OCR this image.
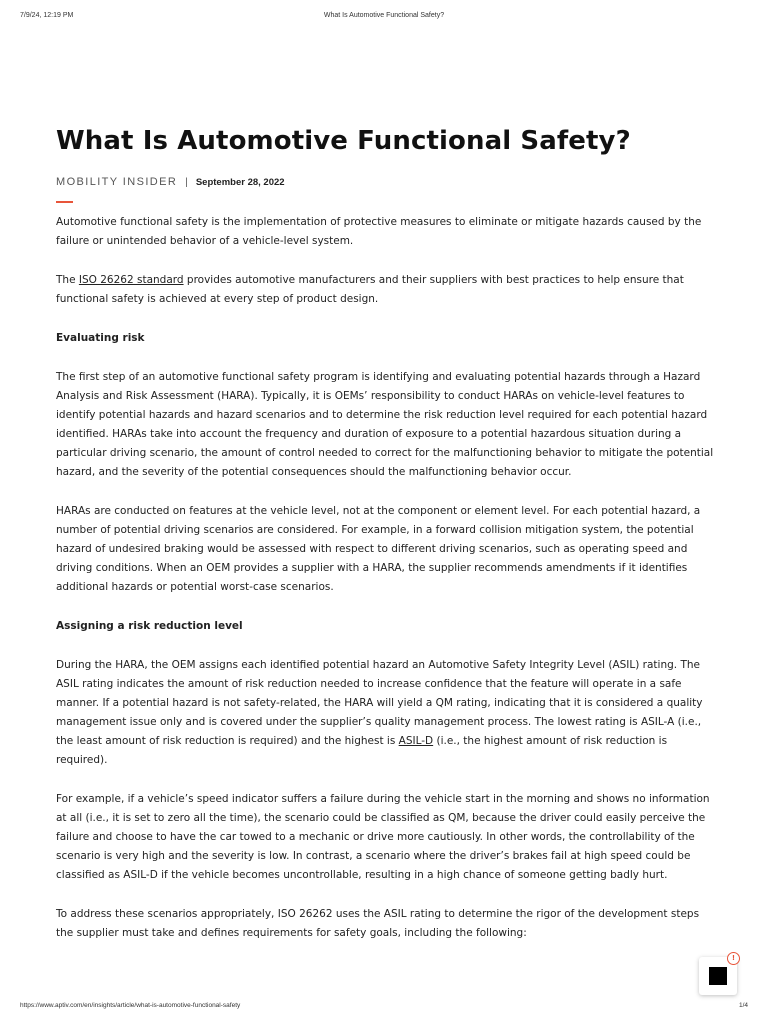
7/9/24, 12:19 PM	What Is Automotive Functional Safety?
What Is Automotive Functional Safety?
MOBILITY INSIDER | September 28, 2022

Automotive functional safety is the implementation of protective measures to eliminate or mitigate hazards caused by the failure or unintended behavior of a vehicle-level system.

The ISO 26262 standard provides automotive manufacturers and their suppliers with best practices to help ensure that functional safety is achieved at every step of product design.

Evaluating risk

The first step of an automotive functional safety program is identifying and evaluating potential hazards through a Hazard Analysis and Risk Assessment (HARA). Typically, it is OEMs’ responsibility to conduct HARAs on vehicle-level features to identify potential hazards and hazard scenarios and to determine the risk reduction level required for each potential hazard identified. HARAs take into account the frequency and duration of exposure to a potential hazardous situation during a particular driving scenario, the amount of control needed to correct for the malfunctioning behavior to mitigate the potential hazard, and the severity of the potential consequences should the malfunctioning behavior occur.

HARAs are conducted on features at the vehicle level, not at the component or element level. For each potential hazard, a number of potential driving scenarios are considered. For example, in a forward collision mitigation system, the potential hazard of undesired braking would be assessed with respect to different driving scenarios, such as operating speed and driving conditions. When an OEM provides a supplier with a HARA, the supplier recommends amendments if it identifies additional hazards or potential worst-case scenarios.

Assigning a risk reduction level

During the HARA, the OEM assigns each identified potential hazard an Automotive Safety Integrity Level (ASIL) rating. The ASIL rating indicates the amount of risk reduction needed to increase confidence that the feature will operate in a safe manner. If a potential hazard is not safety-related, the HARA will yield a QM rating, indicating that it is considered a quality management issue only and is covered under the supplier’s quality management process. The lowest rating is ASIL-A (i.e., the least amount of risk reduction is required) and the highest is ASIL-D (i.e., the highest amount of risk reduction is required).

For example, if a vehicle’s speed indicator suffers a failure during the vehicle start in the morning and shows no information at all (i.e., it is set to zero all the time), the scenario could be classified as QM, because the driver could easily perceive the failure and choose to have the car towed to a mechanic or drive more cautiously. In other words, the controllability of the scenario is very high and the severity is low. In contrast, a scenario where the driver’s brakes fail at high speed could be classified as ASIL-D if the vehicle becomes uncontrollable, resulting in a high chance of someone getting badly hurt.

To address these scenarios appropriately, ISO 26262 uses the ASIL rating to determine the rigor of the development steps the supplier must take and defines requirements for safety goals, including the following:

!
https://www.aptiv.com/en/insights/article/what-is-automotive-functional-safety	1/4
